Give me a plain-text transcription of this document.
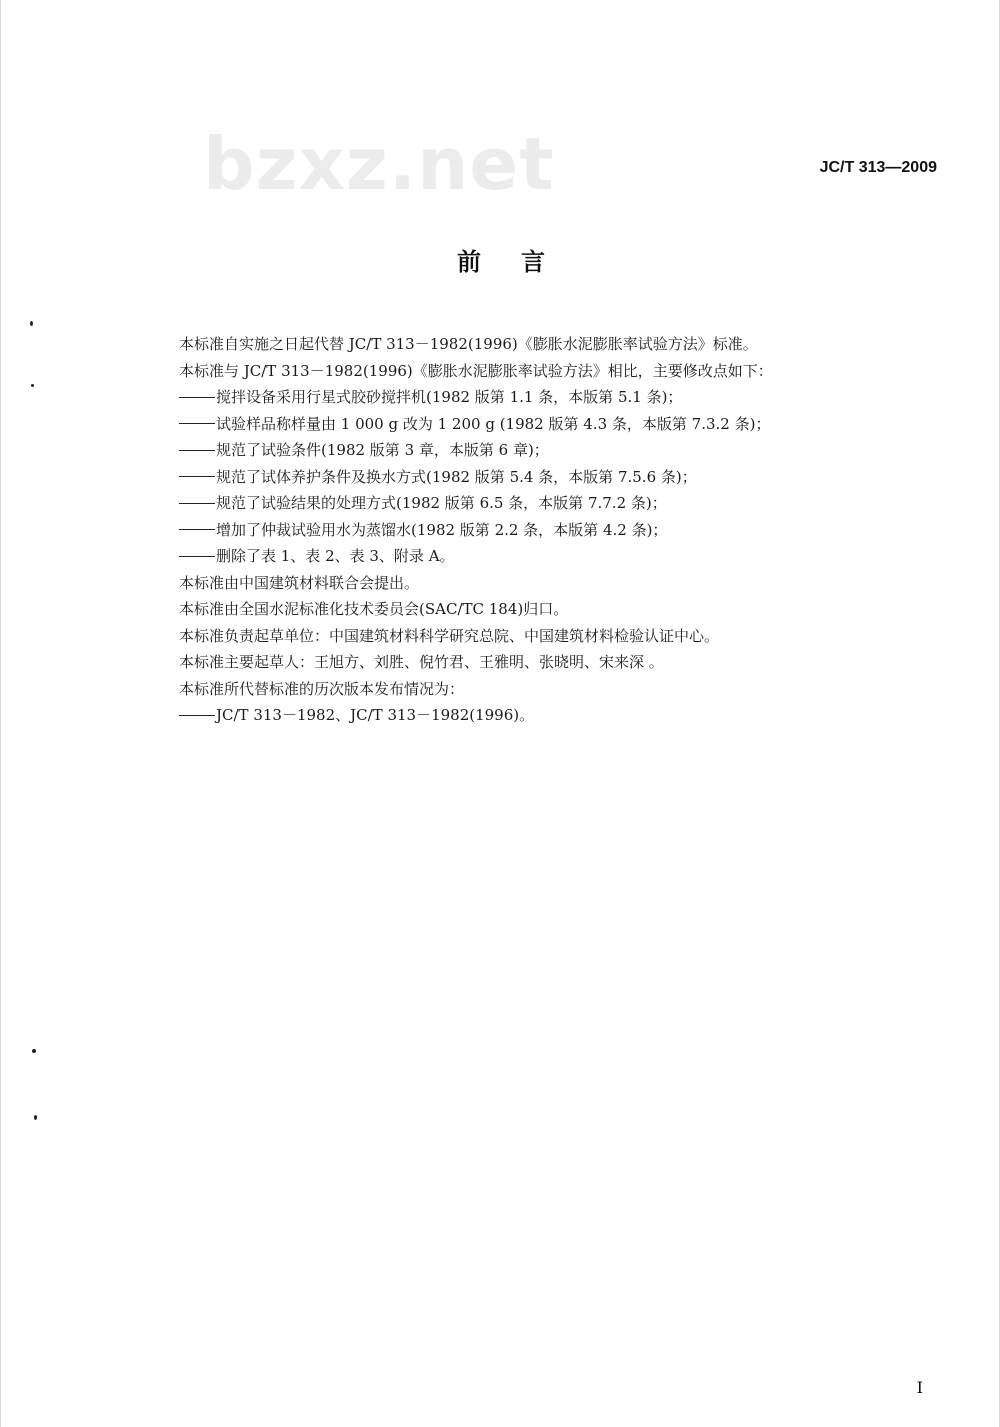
bzxz.net	JC/T 313—2009
前言
本标准自实施之日起代替 JC/T 313－1982(1996)《膨胀水泥膨胀率试验方法》标准。
本标准与 JC/T 313－1982(1996)《膨胀水泥膨胀率试验方法》相比，主要修改点如下：
搅拌设备采用行星式胶砂搅拌机(1982 版第 1.1 条，本版第 5.1 条)；
试验样品称样量由 1 000 g 改为 1 200 g (1982 版第 4.3 条，本版第 7.3.2 条)；
规范了试验条件(1982 版第 3 章，本版第 6 章)；
规范了试体养护条件及换水方式(1982 版第 5.4 条，本版第 7.5.6 条)；
规范了试验结果的处理方式(1982 版第 6.5 条，本版第 7.7.2 条)；
增加了仲裁试验用水为蒸馏水(1982 版第 2.2 条，本版第 4.2 条)；
删除了表 1、表 2、表 3、附录 A。
本标准由中国建筑材料联合会提出。
本标准由全国水泥标准化技术委员会(SAC/TC 184)归口。
本标准负责起草单位：中国建筑材料科学研究总院、中国建筑材料检验认证中心。
本标准主要起草人：王旭方、刘胜、倪竹君、王雅明、张晓明、宋来深 。
本标准所代替标准的历次版本发布情况为：
JC/T 313－1982、JC/T 313－1982(1996)。
I
